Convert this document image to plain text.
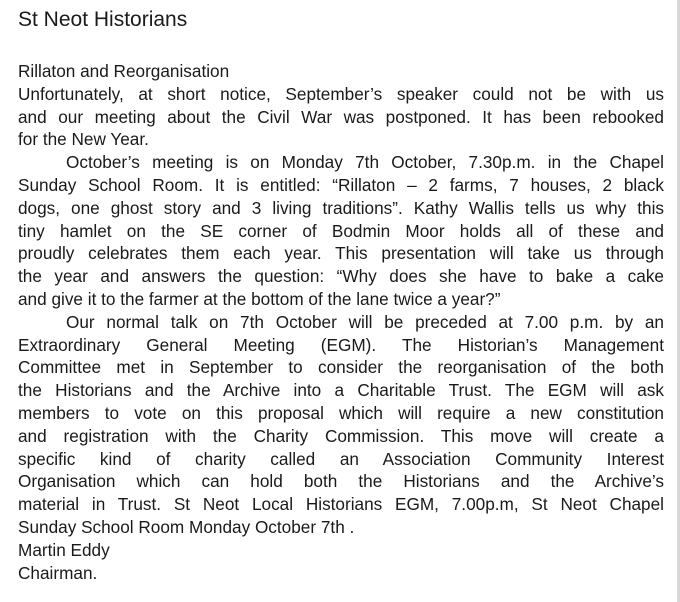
St Neot Historians
Rillaton and Reorganisation
Unfortunately, at short notice, September’s speaker could not be with us
and our meeting about the Civil War was postponed. It has been rebooked
for the New Year.
October’s meeting is on Monday 7th October, 7.30p.m. in the Chapel
Sunday School Room. It is entitled: “Rillaton – 2 farms, 7 houses, 2 black
dogs, one ghost story and 3 living traditions”. Kathy Wallis tells us why this
tiny hamlet on the SE corner of Bodmin Moor holds all of these and
proudly celebrates them each year. This presentation will take us through
the year and answers the question: “Why does she have to bake a cake
and give it to the farmer at the bottom of the lane twice a year?”
Our normal talk on 7th October will be preceded at 7.00 p.m. by an
Extraordinary General Meeting (EGM). The Historian’s Management
Committee met in September to consider the reorganisation of the both
the Historians and the Archive into a Charitable Trust. The EGM will ask
members to vote on this proposal which will require a new constitution
and registration with the Charity Commission. This move will create a
specific kind of charity called an Association Community Interest
Organisation which can hold both the Historians and the Archive’s
material in Trust. St Neot Local Historians EGM, 7.00p.m, St Neot Chapel
Sunday School Room Monday October 7th .
Martin Eddy
Chairman.
